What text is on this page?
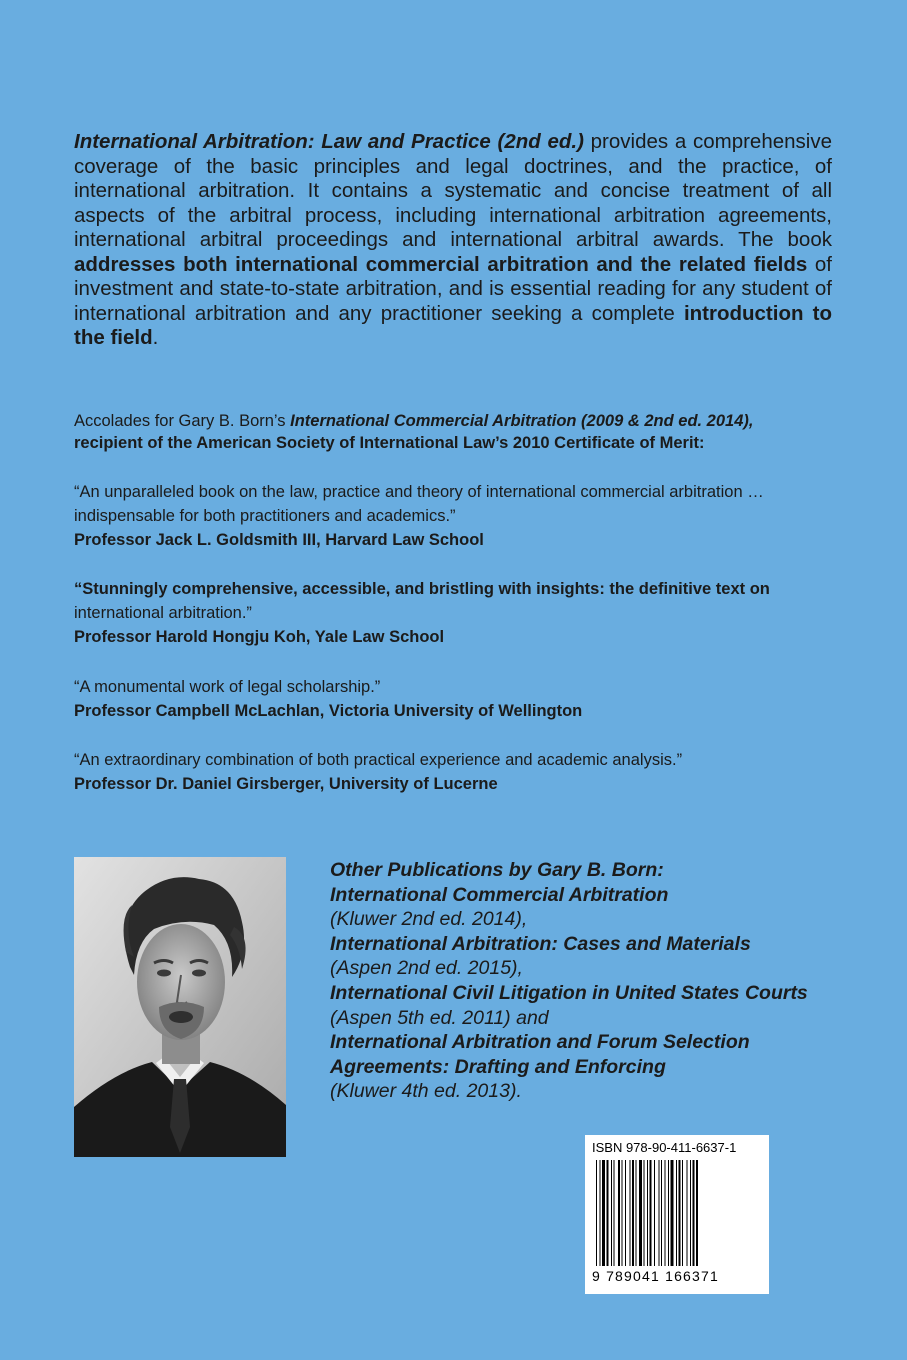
International Arbitration: Law and Practice (2nd ed.) provides a comprehensive coverage of the basic principles and legal doctrines, and the practice, of international arbitration. It contains a systematic and concise treatment of all aspects of the arbitral process, including international arbitration agreements, international arbitral proceedings and international arbitral awards. The book addresses both international commercial arbitration and the related fields of investment and state-to-state arbitration, and is essential reading for any student of international arbitration and any practitioner seeking a complete introduction to the field.

Accolades for Gary B. Born’s International Commercial Arbitration (2009 & 2nd ed. 2014),
recipient of the American Society of International Law’s 2010 Certificate of Merit:

“An unparalleled book on the law, practice and theory of international commercial arbitration … indispensable for both practitioners and academics.”
Professor Jack L. Goldsmith III, Harvard Law School

“Stunningly comprehensive, accessible, and bristling with insights: the definitive text on international arbitration.”
Professor Harold Hongju Koh, Yale Law School

“A monumental work of legal scholarship.”
Professor Campbell McLachlan, Victoria University of Wellington

“An extraordinary combination of both practical experience and academic analysis.”
Professor Dr. Daniel Girsberger, University of Lucerne

Other Publications by Gary B. Born:
International Commercial Arbitration
(Kluwer 2nd ed. 2014),
International Arbitration: Cases and Materials
(Aspen 2nd ed. 2015),
International Civil Litigation in United States Courts
(Aspen 5th ed. 2011) and
International Arbitration and Forum Selection Agreements: Drafting and Enforcing
(Kluwer 4th ed. 2013).
ISBN 978-90-411-6637-1
9 789041 166371
